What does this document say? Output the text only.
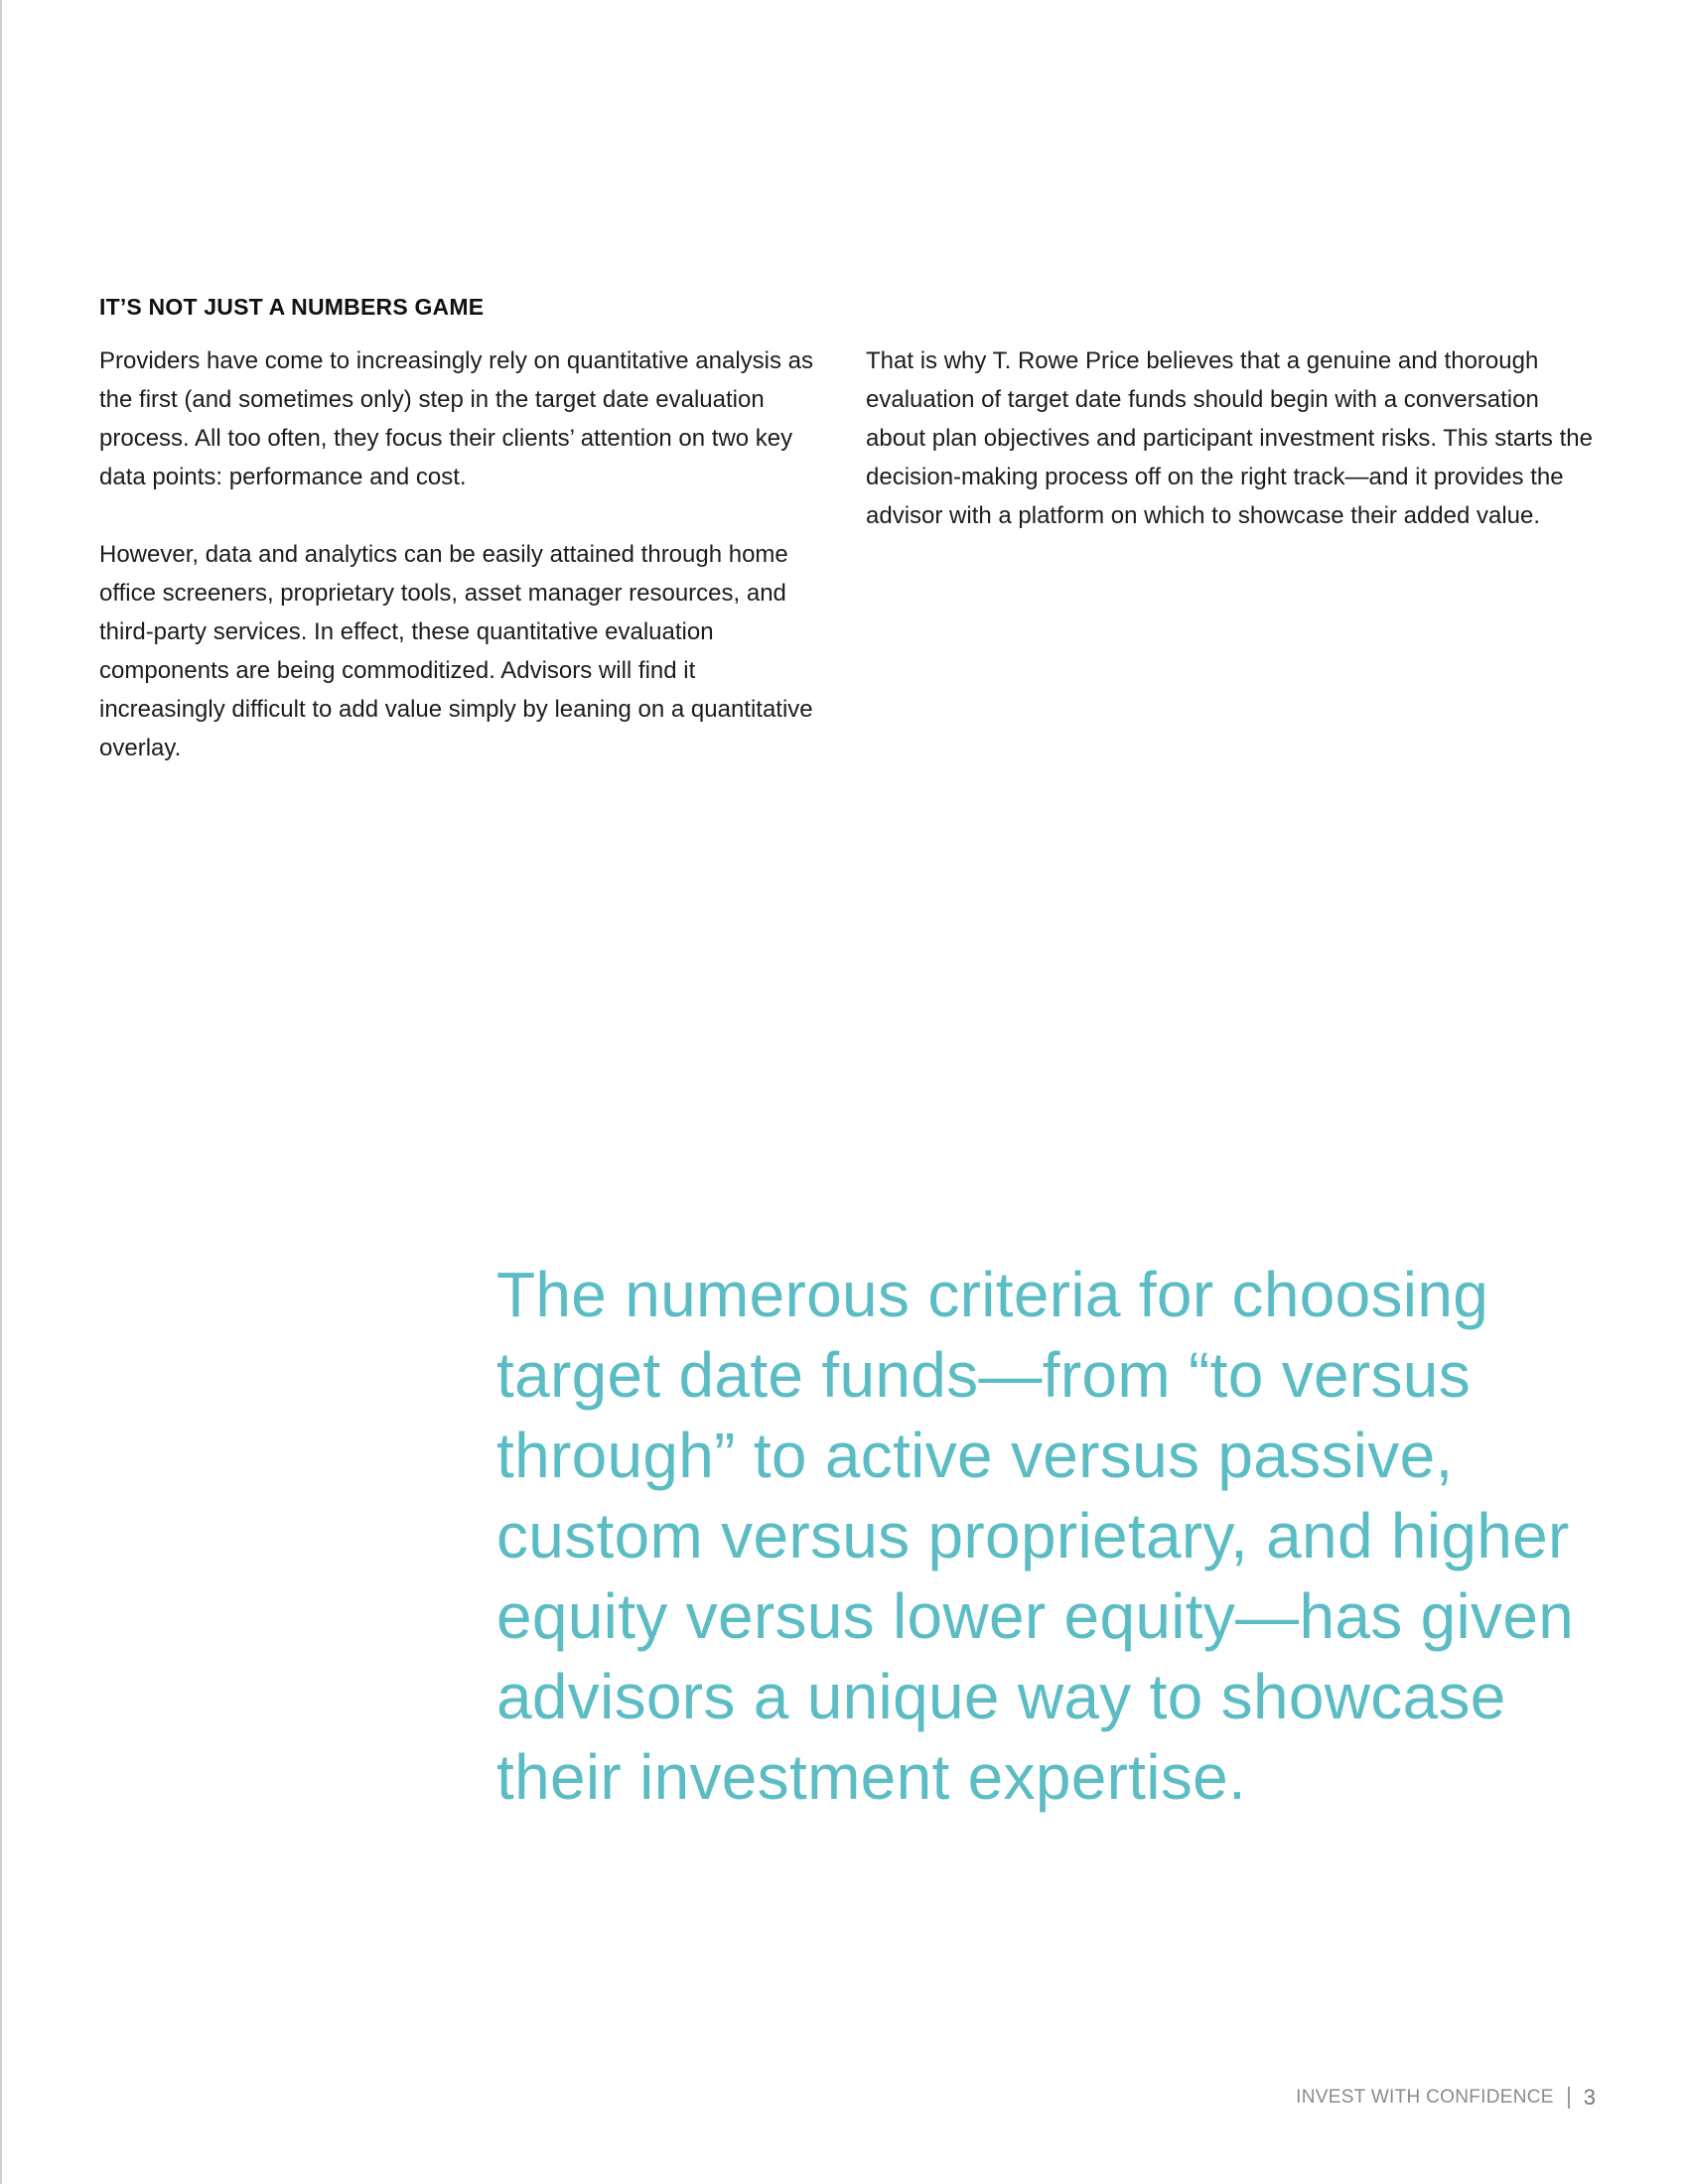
IT’S NOT JUST A NUMBERS GAME

Providers have come to increasingly rely on quantitative analysis as the first (and sometimes only) step in the target date evaluation process. All too often, they focus their clients’ attention on two key data points: performance and cost.

However, data and analytics can be easily attained through home office screeners, proprietary tools, asset manager resources, and third-party services. In effect, these quantitative evaluation components are being commoditized. Advisors will find it increasingly difficult to add value simply by leaning on a quantitative overlay.

That is why T. Rowe Price believes that a genuine and thorough evaluation of target date funds should begin with a conversation about plan objectives and participant investment risks. This starts the decision-making process off on the right track—and it provides the advisor with a platform on which to showcase their added value.

The numerous criteria for choosing target date funds—from “to versus through” to active versus passive, custom versus proprietary, and higher equity versus lower equity—has given advisors a unique way to showcase their investment expertise.
INVEST WITH CONFIDENCE 3
